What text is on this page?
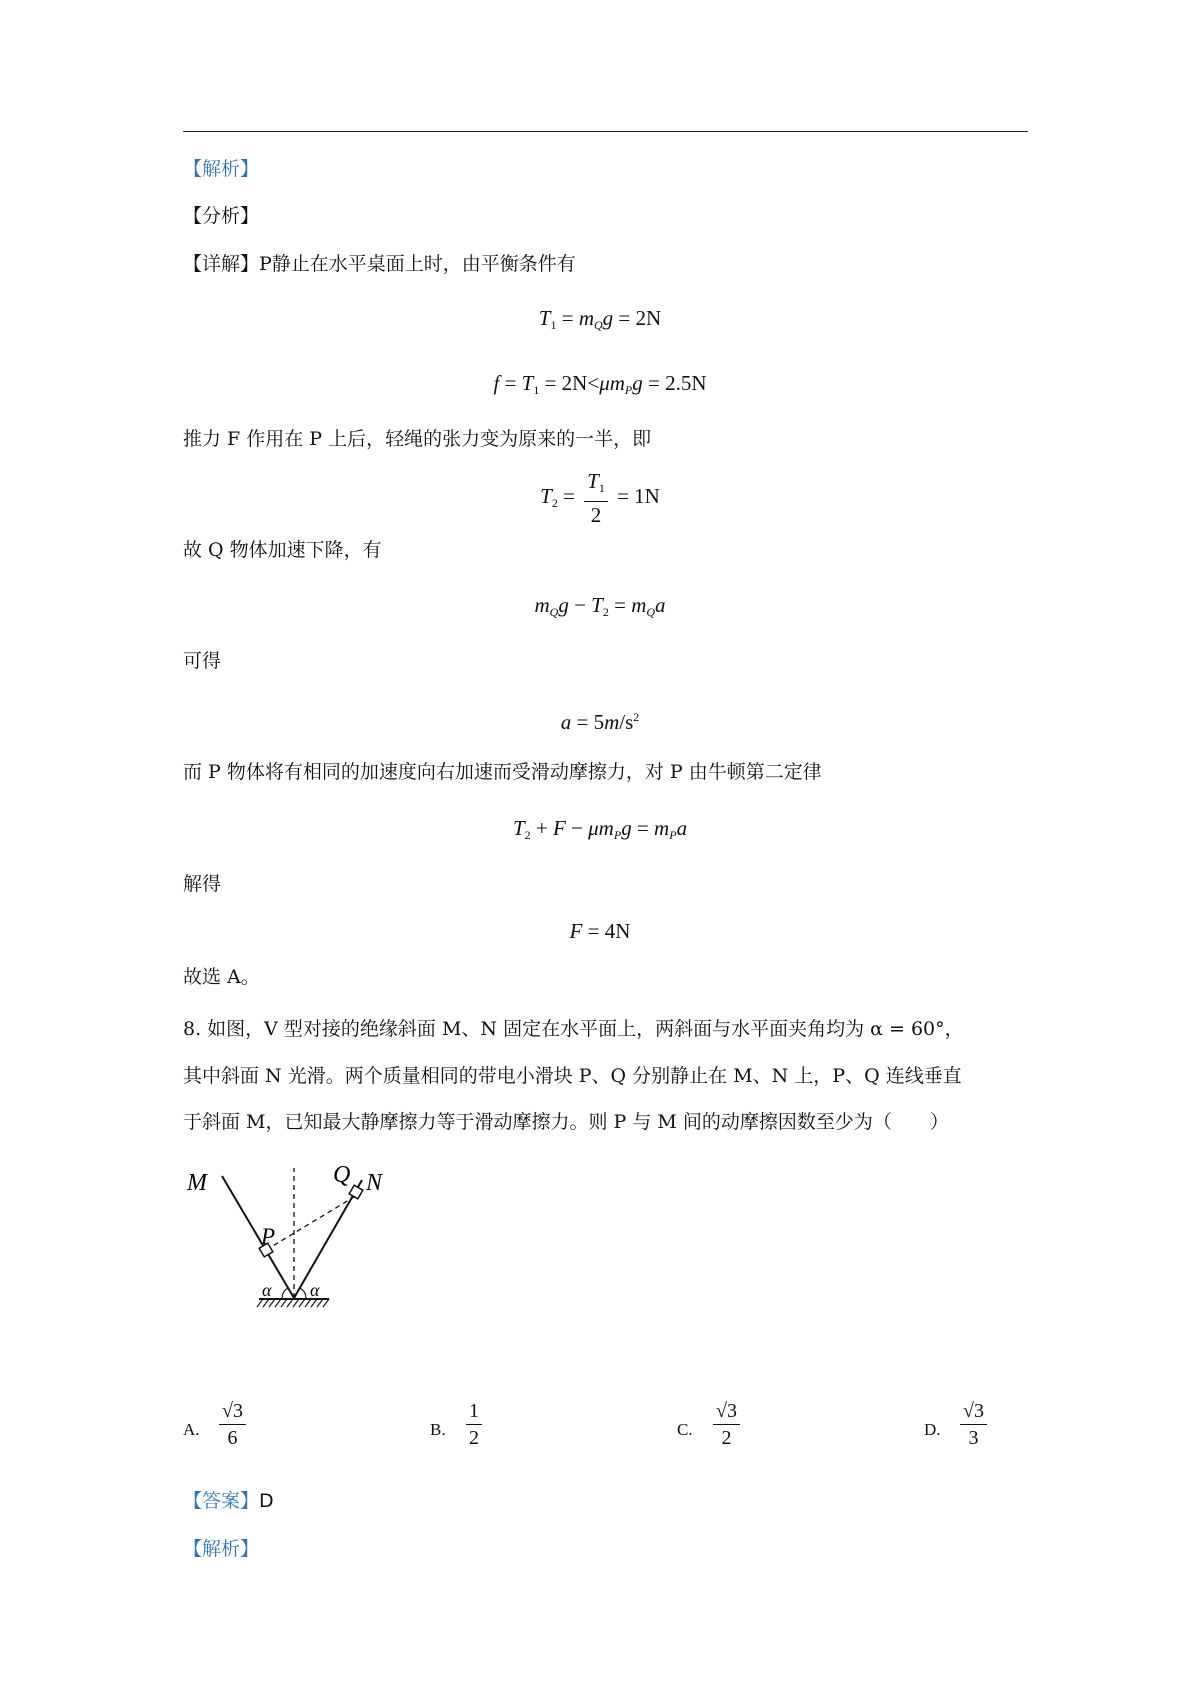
【解析】
【分析】
【详解】P静止在水平桌面上时，由平衡条件有
$T_1 = m_Qg = 2N$
$f = T_1 = 2N<\mu m_Pg = 2.5N$
推力 F 作用在 P 上后，轻绳的张力变为原来的一半，即
$T_2 = \frac{T_1}{2} = 1N$
故 Q 物体加速下降，有
$m_Qg - T_2 = m_Qa$
可得
$a = 5m/s^2$
而 P 物体将有相同的加速度向右加速而受滑动摩擦力，对 P 由牛顿第二定律
$T_2 + F - \mu m_Pg = m_Pa$
解得
F = 4N
故选 A。
8. 如图，V 型对接的绝缘斜面 M、N 固定在水平面上，两斜面与水平面夹角均为 α = 60°，
其中斜面 N 光滑。两个质量相同的带电小滑块 P、Q 分别静止在 M、N 上，P、Q 连线垂直
于斜面 M，已知最大静摩擦力等于滑动摩擦力。则 P 与 M 间的动摩擦因数至少为（　　）
M	N
Q
P
α α
A. $\frac{√3}{6}$	B. $\frac{1}{2}$	C. $\frac{√3}{2}$	D. $\frac{√3}{3}$
【答案】D
【解析】
